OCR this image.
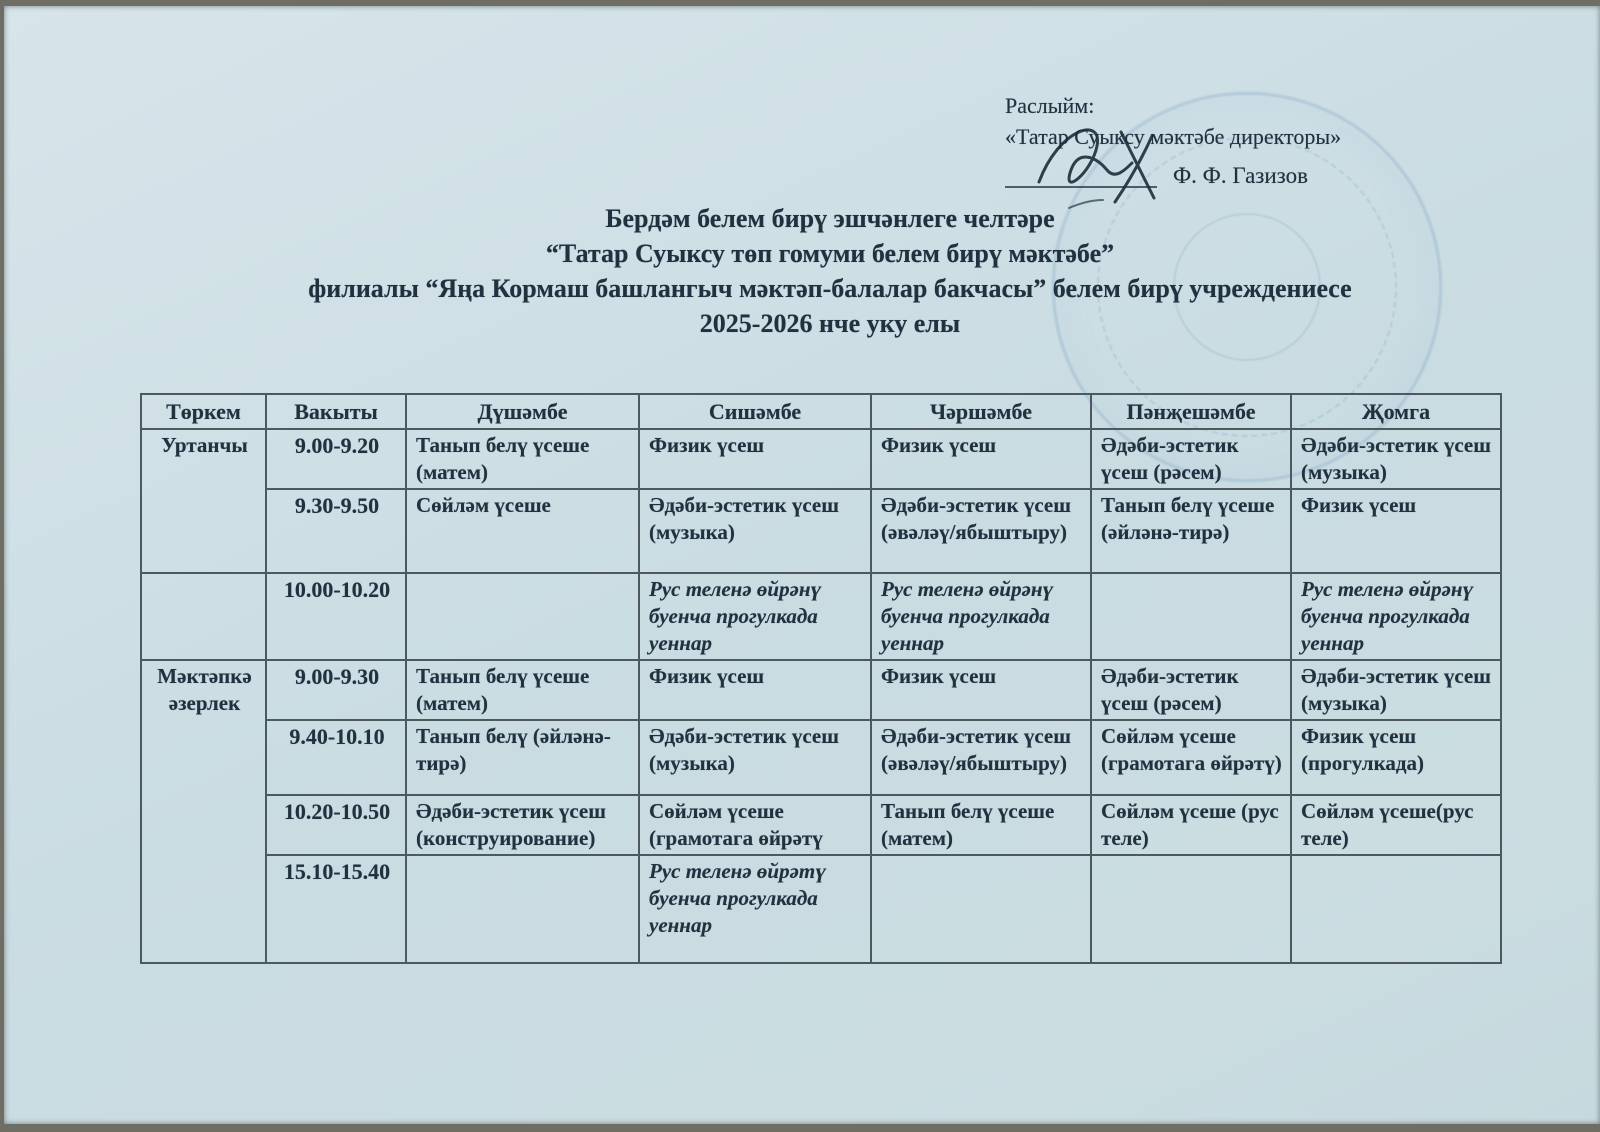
Раслыйм:
«Татар Суыксу мәктәбе директоры»
Ф. Ф. Газизов
Бердәм белем бирү эшчәнлеге челтәре
“Татар Суыксу төп гомуми белем бирү мәктәбе”
филиалы “Яңа Кормаш башлангыч мәктәп-балалар бакчасы” белем бирү учреждениесе
2025-2026 нче уку елы
Төркем	Вакыты	Дүшәмбе	Сишәмбе	Чәршәмбе	Пәнҗешәмбе	Җомга
Уртанчы	9.00-9.20	Танып белү үсеше (матем)	Физик үсеш	Физик үсеш	Әдәби-эстетик үсеш (рәсем)	Әдәби-эстетик үсеш (музыка)
	9.30-9.50	Сөйләм үсеше	Әдәби-эстетик үсеш (музыка)	Әдәби-эстетик үсеш (әвәләү/ябыштыру)	Танып белү үсеше (әйләнә-тирә)	Физик үсеш
	10.00-10.20		Рус теленә өйрәнү буенча прогулкада уеннар	Рус теленә өйрәнү буенча прогулкада уеннар		Рус теленә өйрәнү буенча прогулкада уеннар
Мәктәпкә әзерлек	9.00-9.30	Танып белү үсеше (матем)	Физик үсеш	Физик үсеш	Әдәби-эстетик үсеш (рәсем)	Әдәби-эстетик үсеш (музыка)
	9.40-10.10	Танып белү (әйләнә-тирә)	Әдәби-эстетик үсеш (музыка)	Әдәби-эстетик үсеш (әвәләү/ябыштыру)	Сөйләм үсеше (грамотага өйрәтү)	Физик үсеш (прогулкада)
	10.20-10.50	Әдәби-эстетик үсеш (конструирование)	Сөйләм үсеше (грамотага өйрәтү	Танып белү үсеше (матем)	Сөйләм үсеше (рус теле)	Сөйләм үсеше(рус теле)
	15.10-15.40		Рус теленә өйрәтү буенча прогулкада уеннар			
